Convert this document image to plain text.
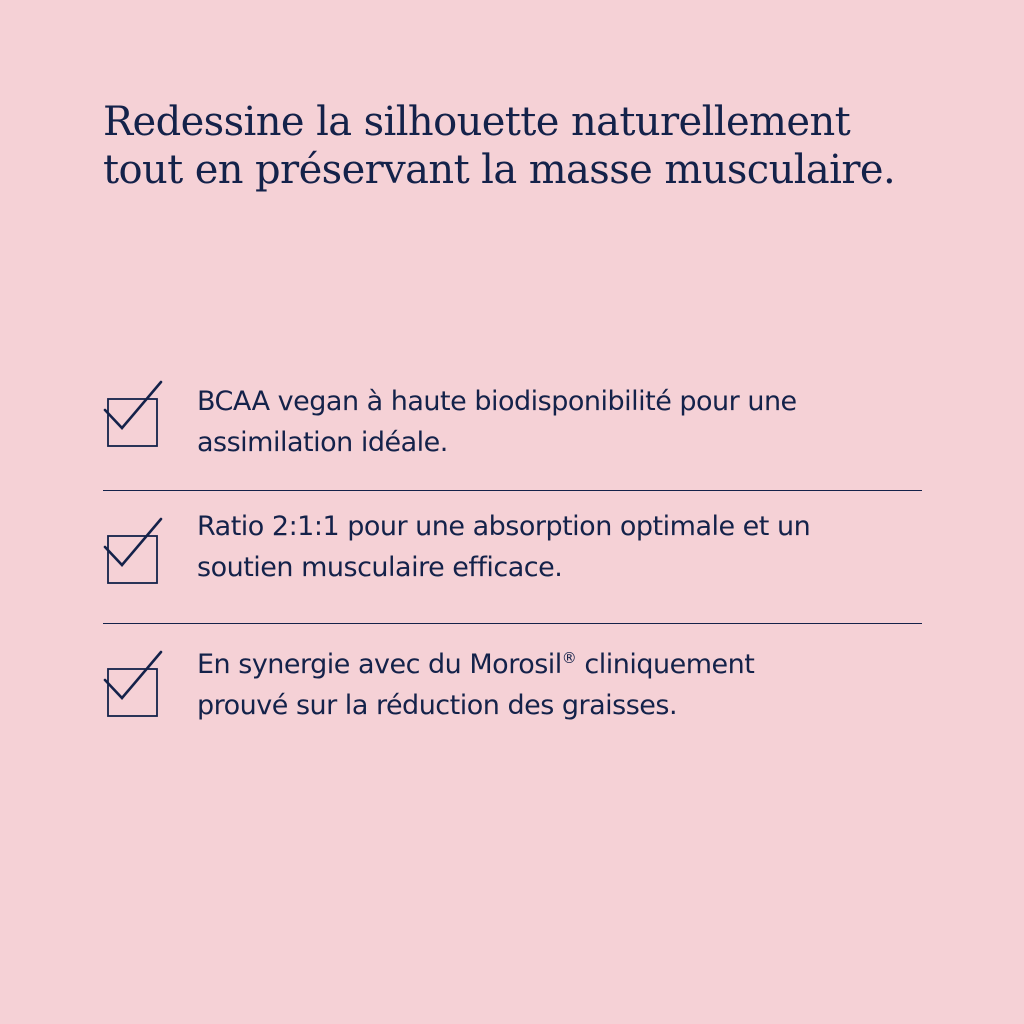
Redessine la silhouette naturellement
tout en préservant la masse musculaire.

BCAA vegan à haute biodisponibilité pour une
assimilation idéale.

Ratio 2:1:1 pour une absorption optimale et un
soutien musculaire efficace.

En synergie avec du Morosil® cliniquement
prouvé sur la réduction des graisses.
